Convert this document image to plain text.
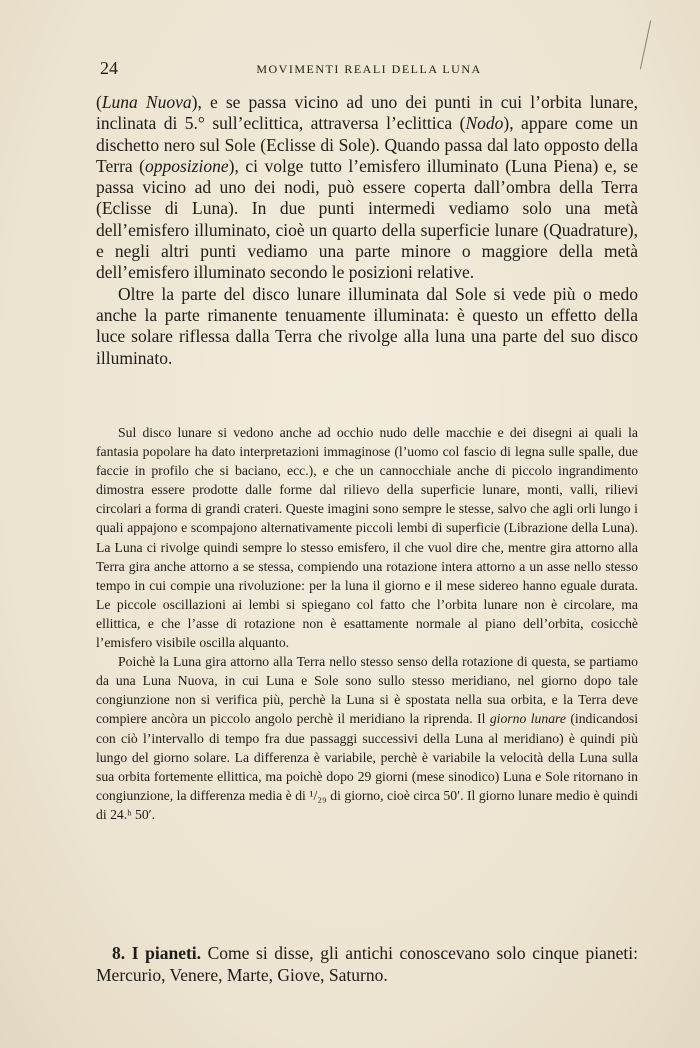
24	MOVIMENTI REALI DELLA LUNA

(Luna Nuova), e se passa vicino ad uno dei punti in cui l’orbita lunare, inclinata di 5.° sull’eclittica, attraversa l’eclittica (Nodo), appare come un dischetto nero sul Sole (Eclisse di Sole). Quando passa dal lato opposto della Terra (opposizione), ci volge tutto l’emisfero illuminato (Luna Piena) e, se passa vicino ad uno dei nodi, può essere coperta dall’ombra della Terra (Eclisse di Luna). In due punti intermedi vediamo solo una metà dell’emisfero illuminato, cioè un quarto della superficie lunare (Quadrature), e negli altri punti vediamo una parte minore o maggiore della metà dell’emisfero illuminato secondo le posizioni relative.

Oltre la parte del disco lunare illuminata dal Sole si vede più o medo anche la parte rimanente tenuamente illuminata: è questo un effetto della luce solare riflessa dalla Terra che rivolge alla luna una parte del suo disco illuminato.

Sul disco lunare si vedono anche ad occhio nudo delle macchie e dei disegni ai quali la fantasia popolare ha dato interpretazioni immaginose (l’uomo col fascio di legna sulle spalle, due faccie in profilo che si baciano, ecc.), e che un cannocchiale anche di piccolo ingrandimento dimostra essere prodotte dalle forme dal rilievo della superficie lunare, monti, valli, rilievi circolari a forma di grandi crateri. Queste imagini sono sempre le stesse, salvo che agli orli lungo i quali appajono e scompajono alternativamente piccoli lembi di superficie (Librazione della Luna). La Luna ci rivolge quindi sempre lo stesso emisfero, il che vuol dire che, mentre gira attorno alla Terra gira anche attorno a se stessa, compiendo una rotazione intera attorno a un asse nello stesso tempo in cui compie una rivoluzione: per la luna il giorno e il mese sidereo hanno eguale durata. Le piccole oscillazioni ai lembi si spiegano col fatto che l’orbita lunare non è circolare, ma ellittica, e che l’asse di rotazione non è esattamente normale al piano dell’orbita, cosicchè l’emisfero visibile oscilla alquanto.

Poichè la Luna gira attorno alla Terra nello stesso senso della rotazione di questa, se partiamo da una Luna Nuova, in cui Luna e Sole sono sullo stesso meridiano, nel giorno dopo tale congiunzione non si verifica più, perchè la Luna si è spostata nella sua orbita, e la Terra deve compiere ancòra un piccolo angolo perchè il meridiano la riprenda. Il giorno lunare (indicandosi con ciò l’intervallo di tempo fra due passaggi successivi della Luna al meridiano) è quindi più lungo del giorno solare. La differenza è variabile, perchè è variabile la velocità della Luna sulla sua orbita fortemente ellittica, ma poichè dopo 29 giorni (mese sinodico) Luna e Sole ritornano in congiunzione, la differenza media è di ¹/₂₉ di giorno, cioè circa 50′. Il giorno lunare medio è quindi di 24.ʰ 50′.

8. I pianeti. Come si disse, gli antichi conoscevano solo cinque pianeti: Mercurio, Venere, Marte, Giove, Saturno.
